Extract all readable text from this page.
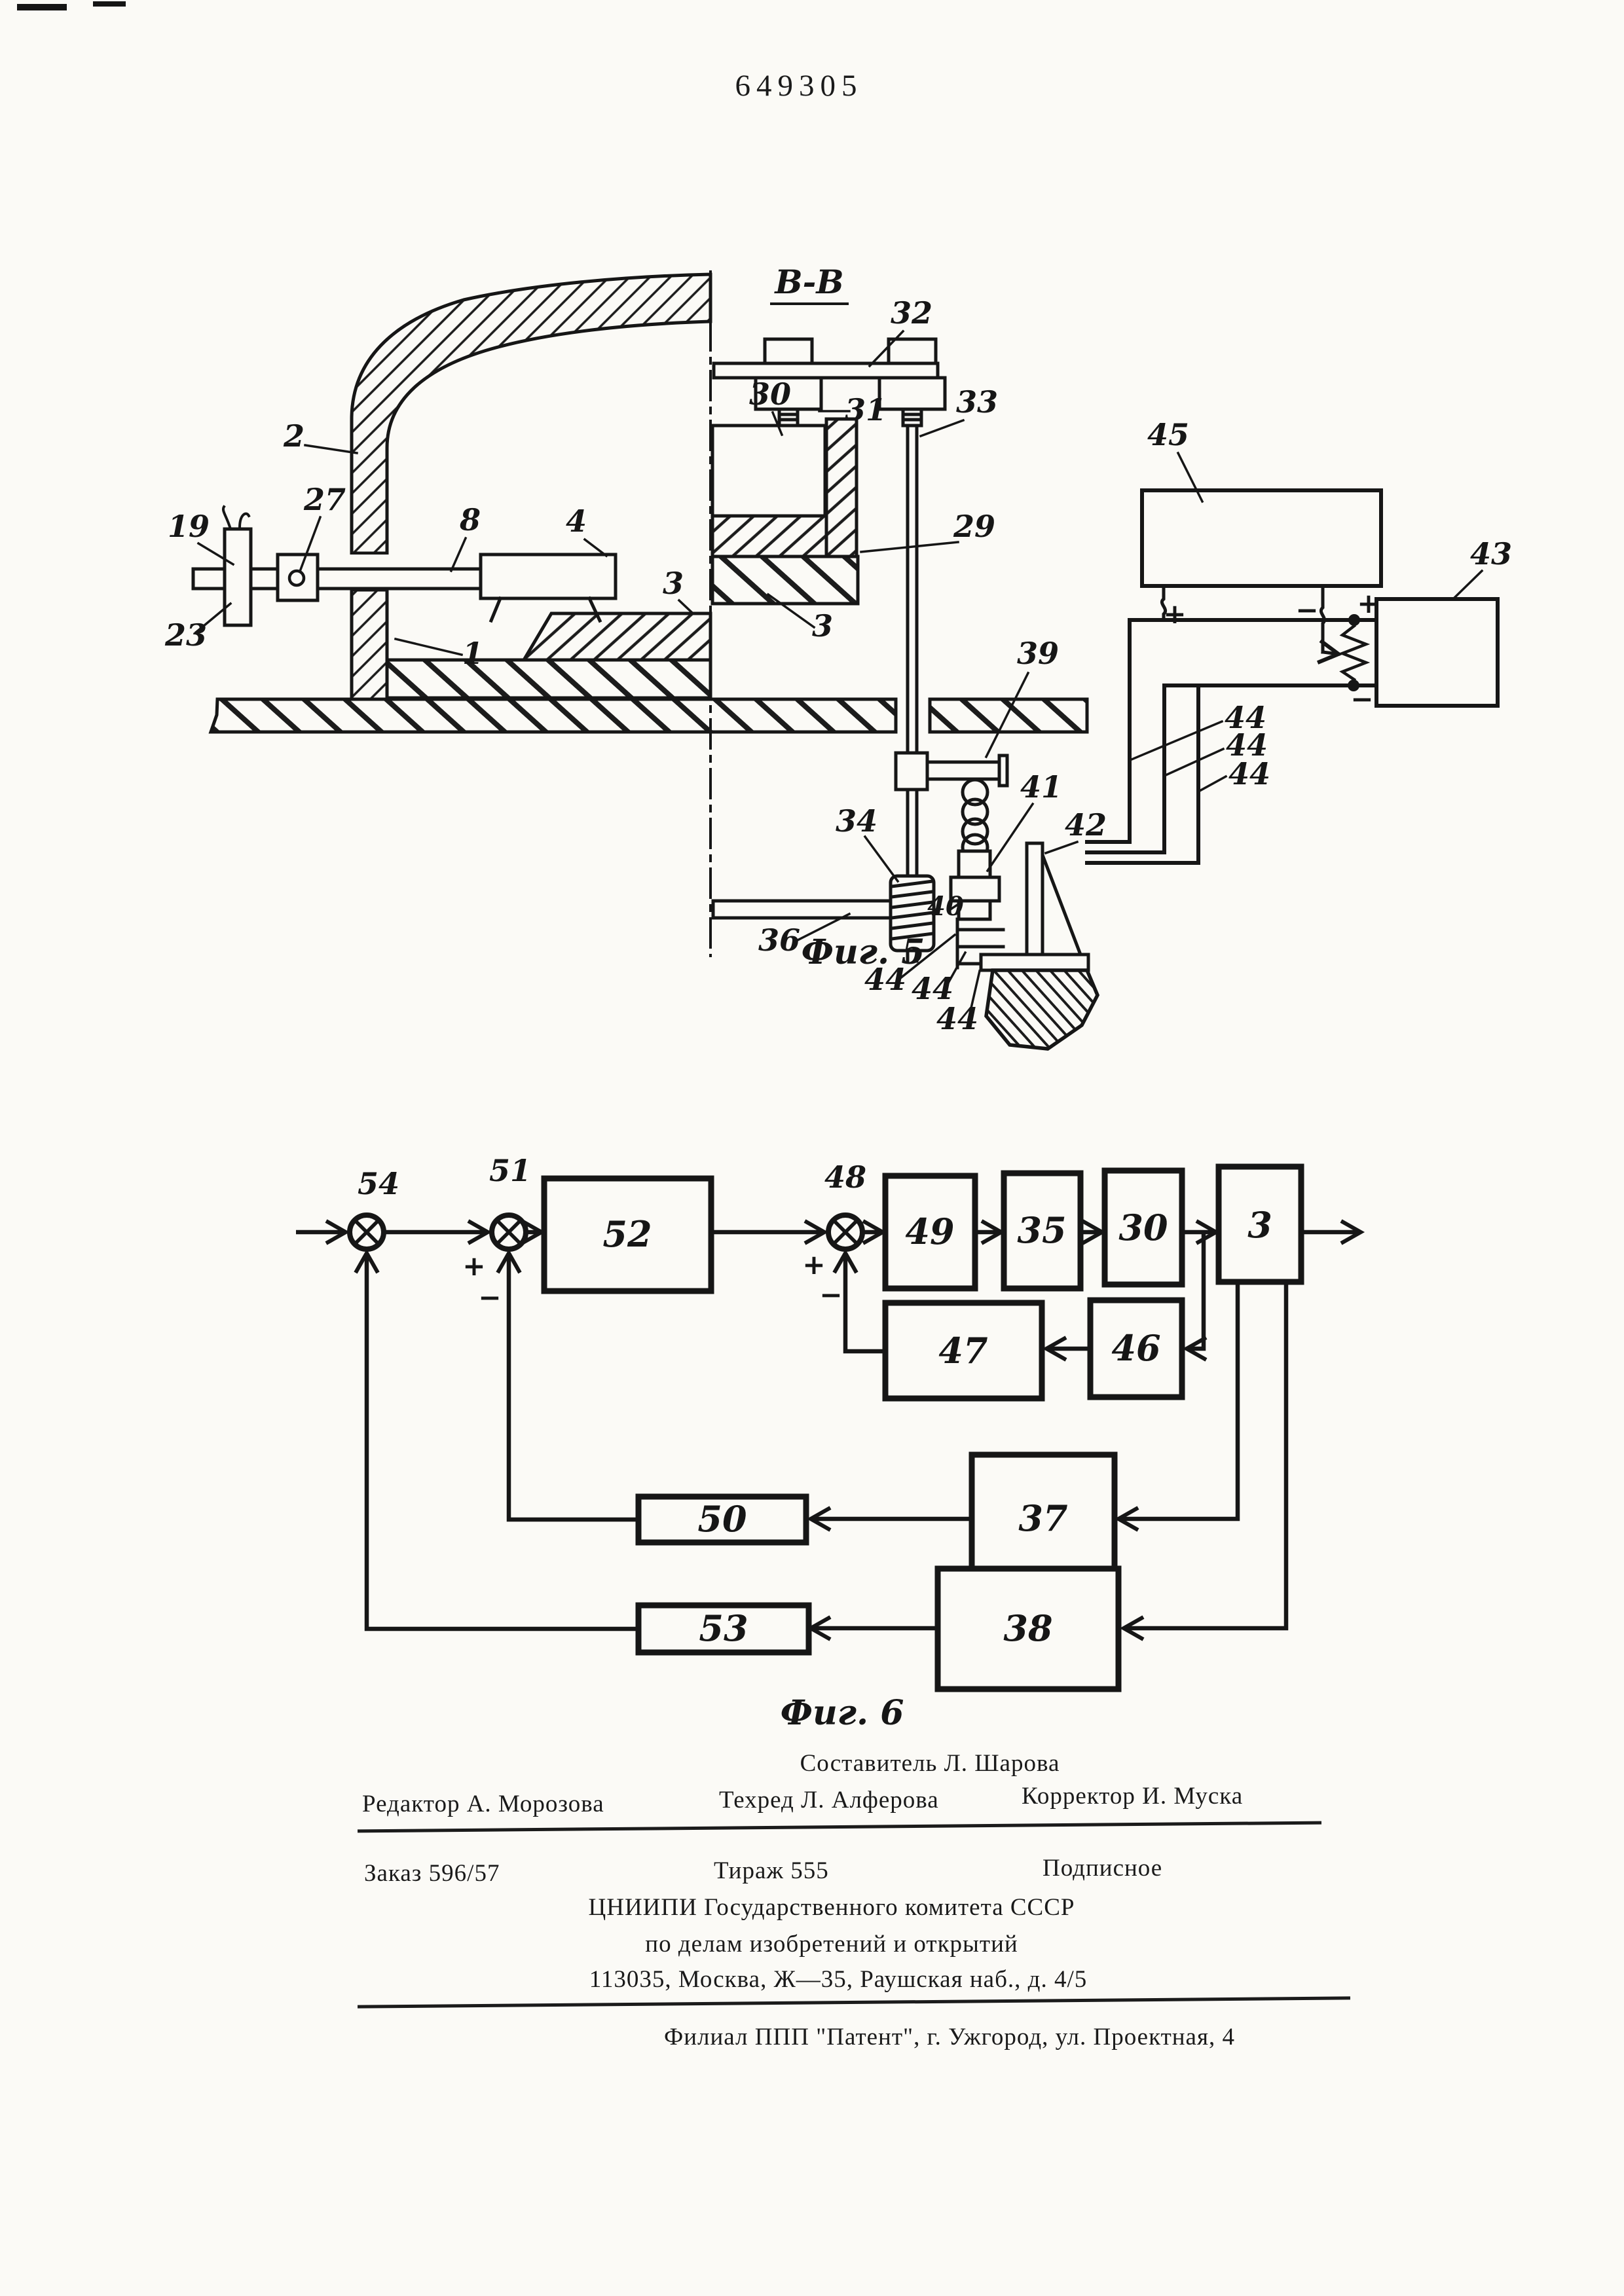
649305
2
19
27
23
1
8	4
3
30 31
32
33
29
3
39
34
36
40
41
42
44 44
44
44
44
44
45
43
+	− +
−
В-В
Фиг. 5
54	51	48
+
−
+
−
52	49 35 30 3
46
47
37
50
38
53
Фиг. 6
Составитель Л. Шарова
Редактор А. Морозова	Техред Л. Алферова	Корректор И. Муска
Заказ 596/57	Тираж 555	Подписное
ЦНИИПИ Государственного комитета СССР
по делам изобретений и открытий
113035, Москва, Ж—35, Раушская наб., д. 4/5
Филиал ППП "Патент", г. Ужгород, ул. Проектная, 4
